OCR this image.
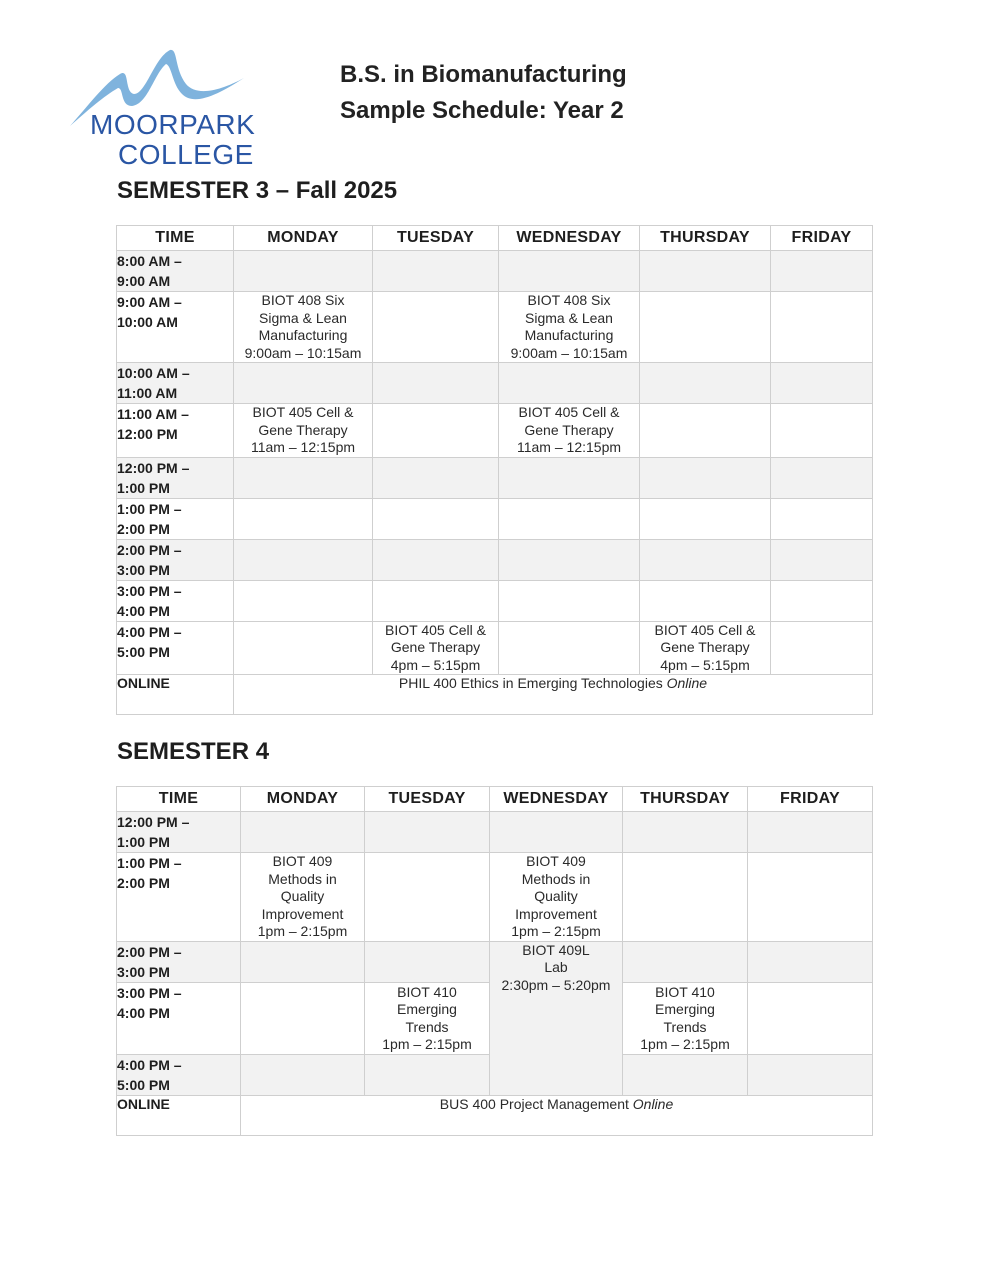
MOORPARK
COLLEGE
B.S. in Biomanufacturing
Sample Schedule: Year 2
SEMESTER 3 – Fall 2025
TIME	MONDAY	TUESDAY	WEDNESDAY	THURSDAY	FRIDAY

8:00 AM –
9:00 AM					

9:00 AM –
10:00 AM	BIOT 408 Six
Sigma & Lean
Manufacturing
9:00am – 10:15am		BIOT 408 Six
Sigma & Lean
Manufacturing
9:00am – 10:15am		

10:00 AM –
11:00 AM					

11:00 AM –
12:00 PM	BIOT 405 Cell &
Gene Therapy
11am – 12:15pm		BIOT 405 Cell &
Gene Therapy
11am – 12:15pm		

12:00 PM –
1:00 PM					

1:00 PM –
2:00 PM					

2:00 PM –
3:00 PM					

3:00 PM –
4:00 PM					

4:00 PM –
5:00 PM		BIOT 405 Cell &
Gene Therapy
4pm – 5:15pm		BIOT 405 Cell &
Gene Therapy
4pm – 5:15pm	

ONLINE	PHIL 400 Ethics in Emerging Technologies Online				
SEMESTER 4
TIME	MONDAY	TUESDAY	WEDNESDAY	THURSDAY	FRIDAY

12:00 PM –
1:00 PM					

1:00 PM –
2:00 PM	BIOT 409
Methods in
Quality
Improvement
1pm – 2:15pm		BIOT 409
Methods in
Quality
Improvement
1pm – 2:15pm		

2:00 PM –
3:00 PM			BIOT 409L
Lab
2:30pm – 5:20pm		

3:00 PM –
4:00 PM		BIOT 410
Emerging
Trends
1pm – 2:15pm		BIOT 410
Emerging
Trends
1pm – 2:15pm	

4:00 PM –
5:00 PM					

ONLINE	BUS 400 Project Management Online				
